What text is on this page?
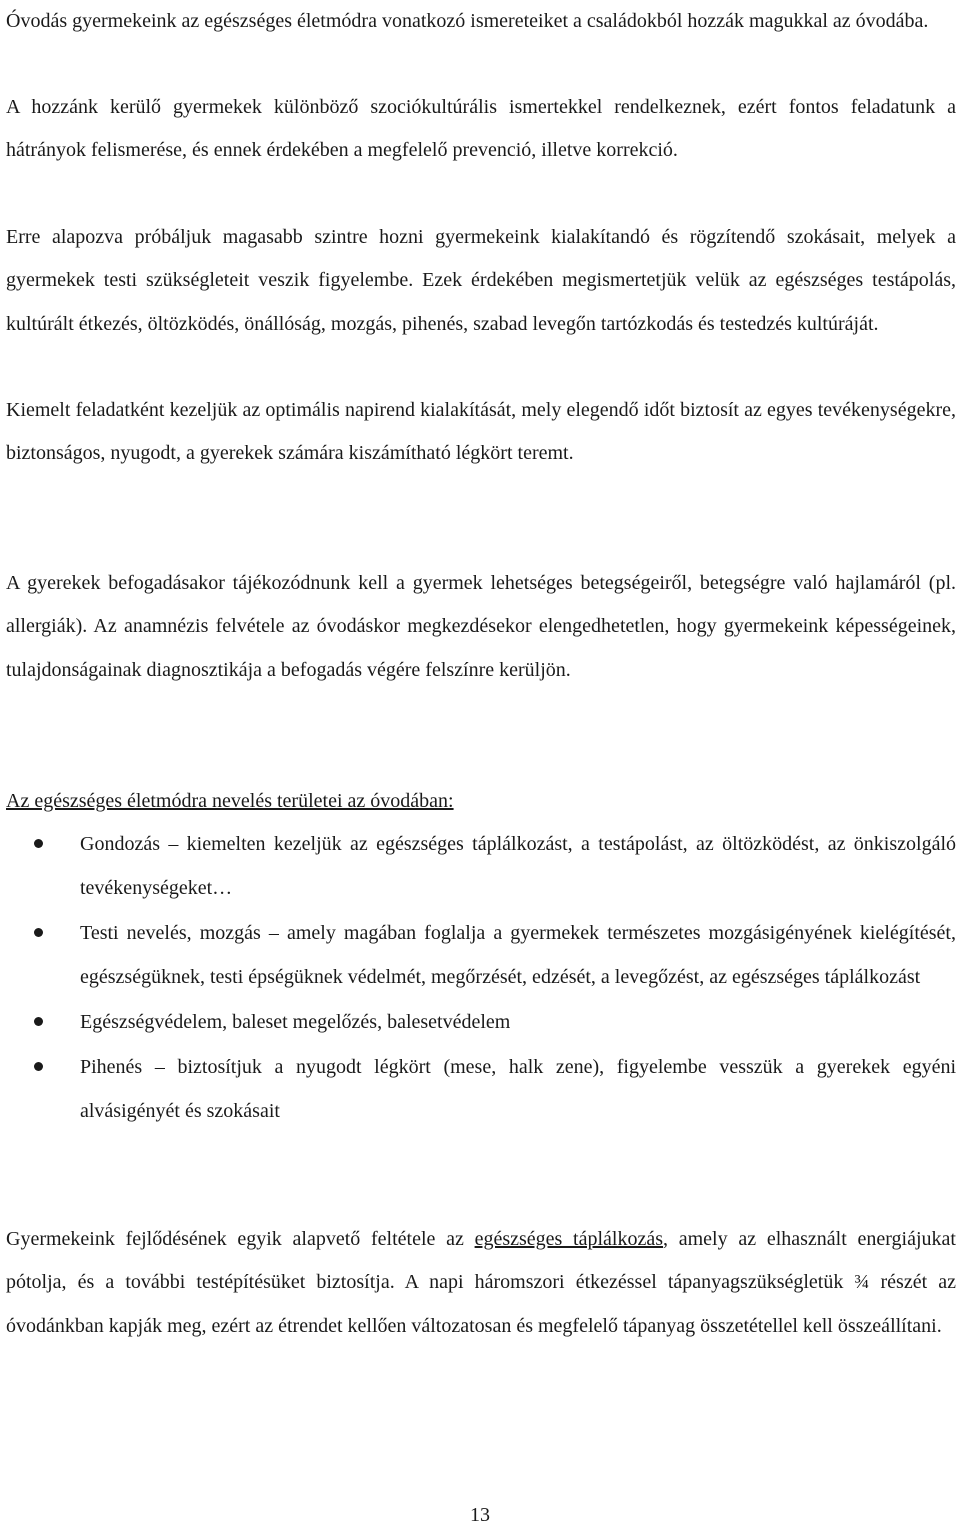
Óvodás gyermekeink az egészséges életmódra vonatkozó ismereteiket a családokból hozzák magukkal az óvodába.

A hozzánk kerülő gyermekek különböző szociókultúrális ismertekkel rendelkeznek, ezért fontos feladatunk a hátrányok felismerése, és ennek érdekében a megfelelő prevenció, illetve korrekció.

Erre alapozva próbáljuk magasabb szintre hozni gyermekeink kialakítandó és rögzítendő szokásait, melyek a gyermekek testi szükségleteit veszik figyelembe. Ezek érdekében megismertetjük velük az egészséges testápolás, kultúrált étkezés, öltözködés, önállóság, mozgás, pihenés, szabad levegőn tartózkodás és testedzés kultúráját.

Kiemelt feladatként kezeljük az optimális napirend kialakítását, mely elegendő időt biztosít az egyes tevékenységekre, biztonságos, nyugodt, a gyerekek számára kiszámítható légkört teremt.

A gyerekek befogadásakor tájékozódnunk kell a gyermek lehetséges betegségeiről, betegségre való hajlamáról (pl. allergiák). Az anamnézis felvétele az óvodáskor megkezdésekor elengedhetetlen, hogy gyermekeink képességeinek, tulajdonságainak diagnosztikája a befogadás végére felszínre kerüljön.

Az egészséges életmódra nevelés területei az óvodában:

Gondozás – kiemelten kezeljük az egészséges táplálkozást, a testápolást, az öltözködést, az önkiszolgáló tevékenységeket…
Testi nevelés, mozgás – amely magában foglalja a gyermekek természetes mozgásigényének kielégítését, egészségüknek, testi épségüknek védelmét, megőrzését, edzését, a levegőzést, az egészséges táplálkozást
Egészségvédelem, baleset megelőzés, balesetvédelem
Pihenés – biztosítjuk a nyugodt légkört (mese, halk zene), figyelembe vesszük a gyerekek egyéni alvásigényét és szokásait

Gyermekeink fejlődésének egyik alapvető feltétele az egészséges táplálkozás, amely az elhasznált energiájukat pótolja, és a további testépítésüket biztosítja. A napi háromszori étkezéssel tápanyagszükségletük ¾ részét az óvodánkban kapják meg, ezért az étrendet kellően változatosan és megfelelő tápanyag összetétellel kell összeállítani.

13
